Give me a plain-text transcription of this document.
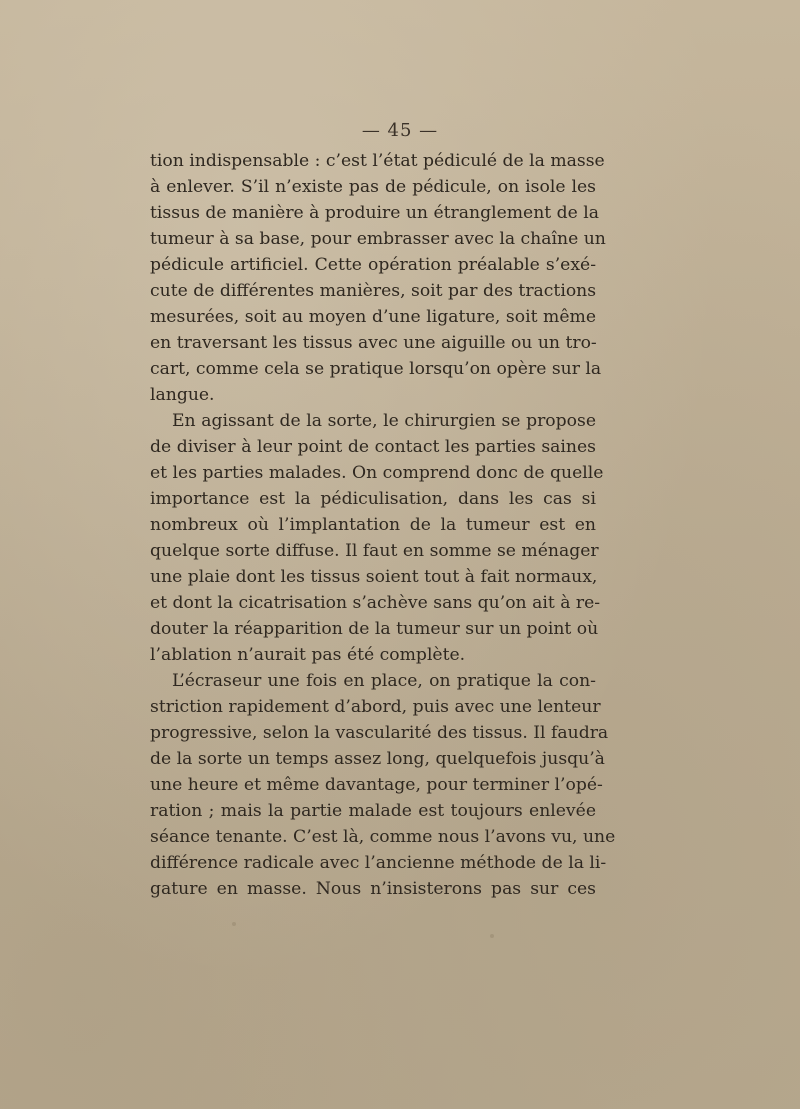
— 45 —
tion indispensable : c’est l’état pédiculé de la masse
à enlever. S’il n’existe pas de pédicule, on isole les
tissus de manière à produire un étranglement de la
tumeur à sa base, pour embrasser avec la chaîne un
pédicule artificiel. Cette opération préalable s’exé-
cute de différentes manières, soit par des tractions
mesurées, soit au moyen d’une ligature, soit même
en traversant les tissus avec une aiguille ou un tro-
cart, comme cela se pratique lorsqu’on opère sur la
langue.
En agissant de la sorte, le chirurgien se propose
de diviser à leur point de contact les parties saines
et les parties malades. On comprend donc de quelle
importance est la pédiculisation, dans les cas si
nombreux où l’implantation de la tumeur est en
quelque sorte diffuse. Il faut en somme se ménager
une plaie dont les tissus soient tout à fait normaux,
et dont la cicatrisation s’achève sans qu’on ait à re-
douter la réapparition de la tumeur sur un point où
l’ablation n’aurait pas été complète.
L’écraseur une fois en place, on pratique la con-
striction rapidement d’abord, puis avec une lenteur
progressive, selon la vascularité des tissus. Il faudra
de la sorte un temps assez long, quelquefois jusqu’à
une heure et même davantage, pour terminer l’opé-
ration ; mais la partie malade est toujours enlevée
séance tenante. C’est là, comme nous l’avons vu, une
différence radicale avec l’ancienne méthode de la li-
gature en masse. Nous n’insisterons pas sur ces
